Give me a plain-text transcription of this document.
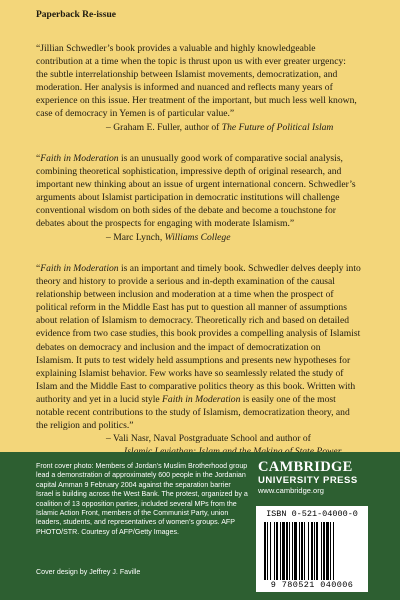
Paperback Re-issue

“Jillian Schwedler’s book provides a valuable and highly knowledgeable

contribution at a time when the topic is thrust upon us with ever greater urgency:

the subtle interrelationship between Islamist movements, democratization, and

moderation. Her analysis is informed and nuanced and reflects many years of

experience on this issue. Her treatment of the important, but much less well known,

case of democracy in Yemen is of particular value.”

– Graham E. Fuller, author of The Future of Political Islam

“Faith in Moderation is an unusually good work of comparative social analysis,

combining theoretical sophistication, impressive depth of original research, and

important new thinking about an issue of urgent international concern. Schwedler’s

arguments about Islamist participation in democratic institutions will challenge

conventional wisdom on both sides of the debate and become a touchstone for

debates about the prospects for engaging with moderate Islamism.”

– Marc Lynch, Williams College

“Faith in Moderation is an important and timely book. Schwedler delves deeply into

theory and history to provide a serious and in-depth examination of the causal

relationship between inclusion and moderation at a time when the prospect of

political reform in the Middle East has put to question all manner of assumptions

about relation of Islamism to democracy. Theoretically rich and based on detailed

evidence from two case studies, this book provides a compelling analysis of Islamist

debates on democracy and inclusion and the impact of democratization on

Islamism. It puts to test widely held assumptions and presents new hypotheses for

explaining Islamist behavior. Few works have so seamlessly related the study of

Islam and the Middle East to comparative politics theory as this book. Written with

authority and yet in a lucid style Faith in Moderation is easily one of the most

notable recent contributions to the study of Islamism, democratization theory, and

the religion and politics.”

– Vali Nasr, Naval Postgraduate School and author of

Front cover photo: Members of Jordan’s Muslim Brotherhood group lead a demonstration of approximately 600 people in the Jordanian capital Amman 9 February 2004 against the separation barrier Israel is building across the West Bank. The protest, organized by a coalition of 13 opposition parties, included several MPs from the Islamic Action Front, members of the Communist Party, union leaders, students, and representatives of women’s groups. AFP PHOTO/STR. Courtesy of AFP/Getty Images.
Cover design by Jeffrey J. Faville
CAMBRIDGE
UNIVERSITY PRESS
www.cambridge.org
ISBN 0-521-04000-0
9 780521 040006
